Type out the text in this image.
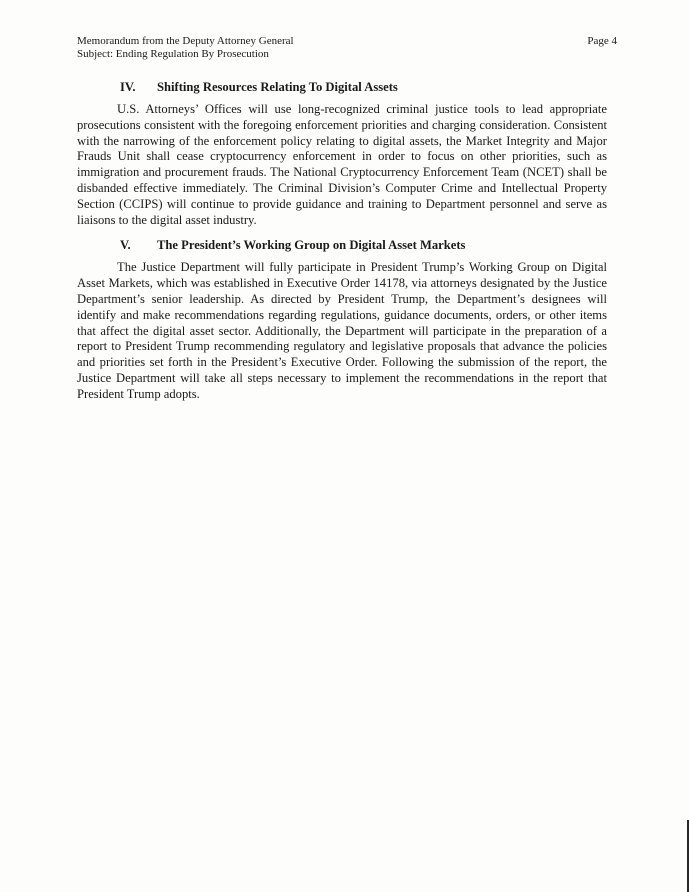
Memorandum from the Deputy Attorney General
Subject: Ending Regulation By Prosecution
Page 4
IV. Shifting Resources Relating To Digital Assets

U.S. Attorneys’ Offices will use long-recognized criminal justice tools to lead appropriate prosecutions consistent with the foregoing enforcement priorities and charging consideration. Consistent with the narrowing of the enforcement policy relating to digital assets, the Market Integrity and Major Frauds Unit shall cease cryptocurrency enforcement in order to focus on other priorities, such as immigration and procurement frauds. The National Cryptocurrency Enforcement Team (NCET) shall be disbanded effective immediately. The Criminal Division’s Computer Crime and Intellectual Property Section (CCIPS) will continue to provide guidance and training to Department personnel and serve as liaisons to the digital asset industry.

V. The President’s Working Group on Digital Asset Markets

The Justice Department will fully participate in President Trump’s Working Group on Digital Asset Markets, which was established in Executive Order 14178, via attorneys designated by the Justice Department’s senior leadership. As directed by President Trump, the Department’s designees will identify and make recommendations regarding regulations, guidance documents, orders, or other items that affect the digital asset sector. Additionally, the Department will participate in the preparation of a report to President Trump recommending regulatory and legislative proposals that advance the policies and priorities set forth in the President’s Executive Order. Following the submission of the report, the Justice Department will take all steps necessary to implement the recommendations in the report that President Trump adopts.
